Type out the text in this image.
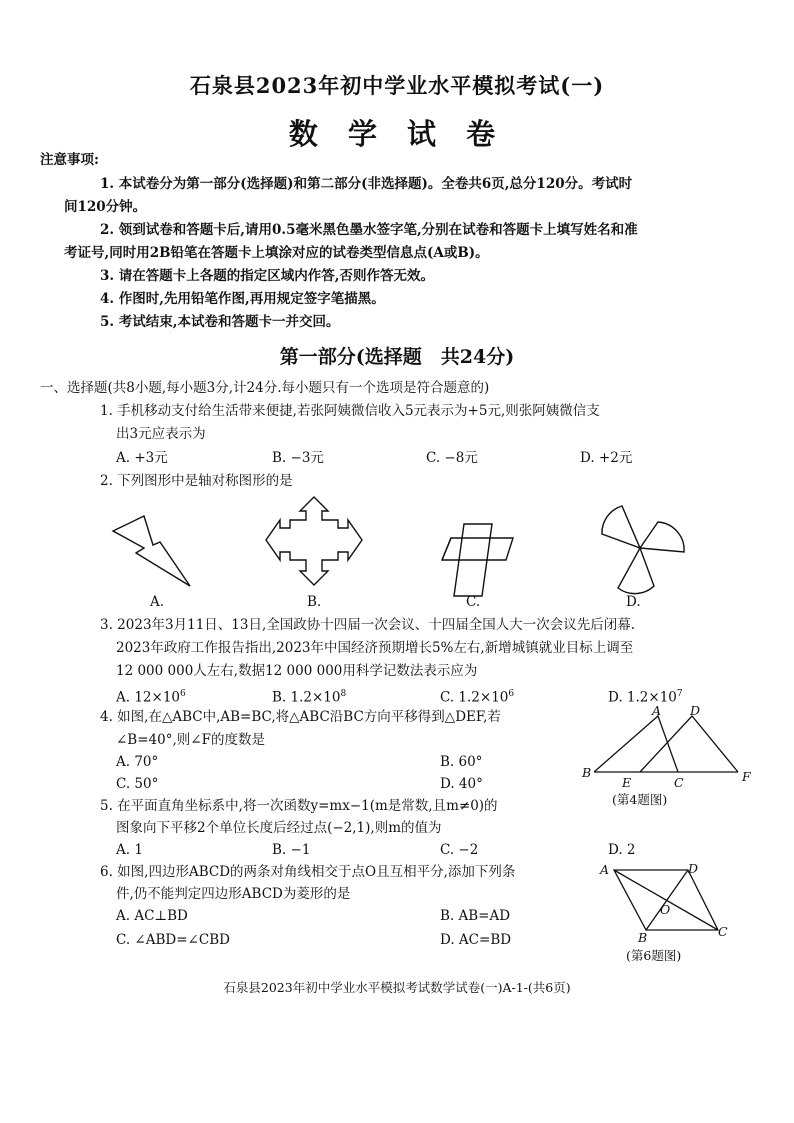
石泉县2023年初中学业水平模拟考试(一)
数 学 试 卷
注意事项:
1. 本试卷分为第一部分(选择题)和第二部分(非选择题)。全卷共6页,总分120分。考试时
间120分钟。
2. 领到试卷和答题卡后,请用0.5毫米黑色墨水签字笔,分别在试卷和答题卡上填写姓名和准
考证号,同时用2B铅笔在答题卡上填涂对应的试卷类型信息点(A或B)。
3. 请在答题卡上各题的指定区域内作答,否则作答无效。
4. 作图时,先用铅笔作图,再用规定签字笔描黑。
5. 考试结束,本试卷和答题卡一并交回。
第一部分(选择题　共24分)
一、选择题(共8小题,每小题3分,计24分.每小题只有一个选项是符合题意的)
1. 手机移动支付给生活带来便捷,若张阿姨微信收入5元表示为+5元,则张阿姨微信支
出3元应表示为
A. +3元	B. −3元	C. −8元	D. +2元
2. 下列图形中是轴对称图形的是
A.	B.	C.	D.
3. 2023年3月11日、13日,全国政协十四届一次会议、十四届全国人大一次会议先后闭幕.
2023年政府工作报告指出,2023年中国经济预期增长5%左右,新增城镇就业目标上调至
12 000 000人左右,数据12 000 000用科学记数法表示应为
A. $12\times 10^6$	B. $1.2\times 10^8$	C. $1.2\times 10^6$	D. $1.2\times 10^7$
4. 如图,在△ABC中,AB=BC,将△ABC沿BC方向平移得到△DEF,若
∠B=40°,则∠F的度数是
A. 70°	B. 60°
C. 50°	D. 40°
A D
B
E	C	F
(第4题图)
5. 在平面直角坐标系中,将一次函数y=mx−1(m是常数,且m≠0)的
图象向下平移2个单位长度后经过点(−2,1),则m的值为
A. 1	B. −1	C. −2	D. 2
6. 如图,四边形ABCD的两条对角线相交于点O且互相平分,添加下列条
件,仍不能判定四边形ABCD为菱形的是
A. AC⊥BD	B. AB=AD
C. ∠ABD=∠CBD	D. AC=BD
A	D
O
B	C
(第6题图)
石泉县2023年初中学业水平模拟考试数学试卷(一)A-1-(共6页)
